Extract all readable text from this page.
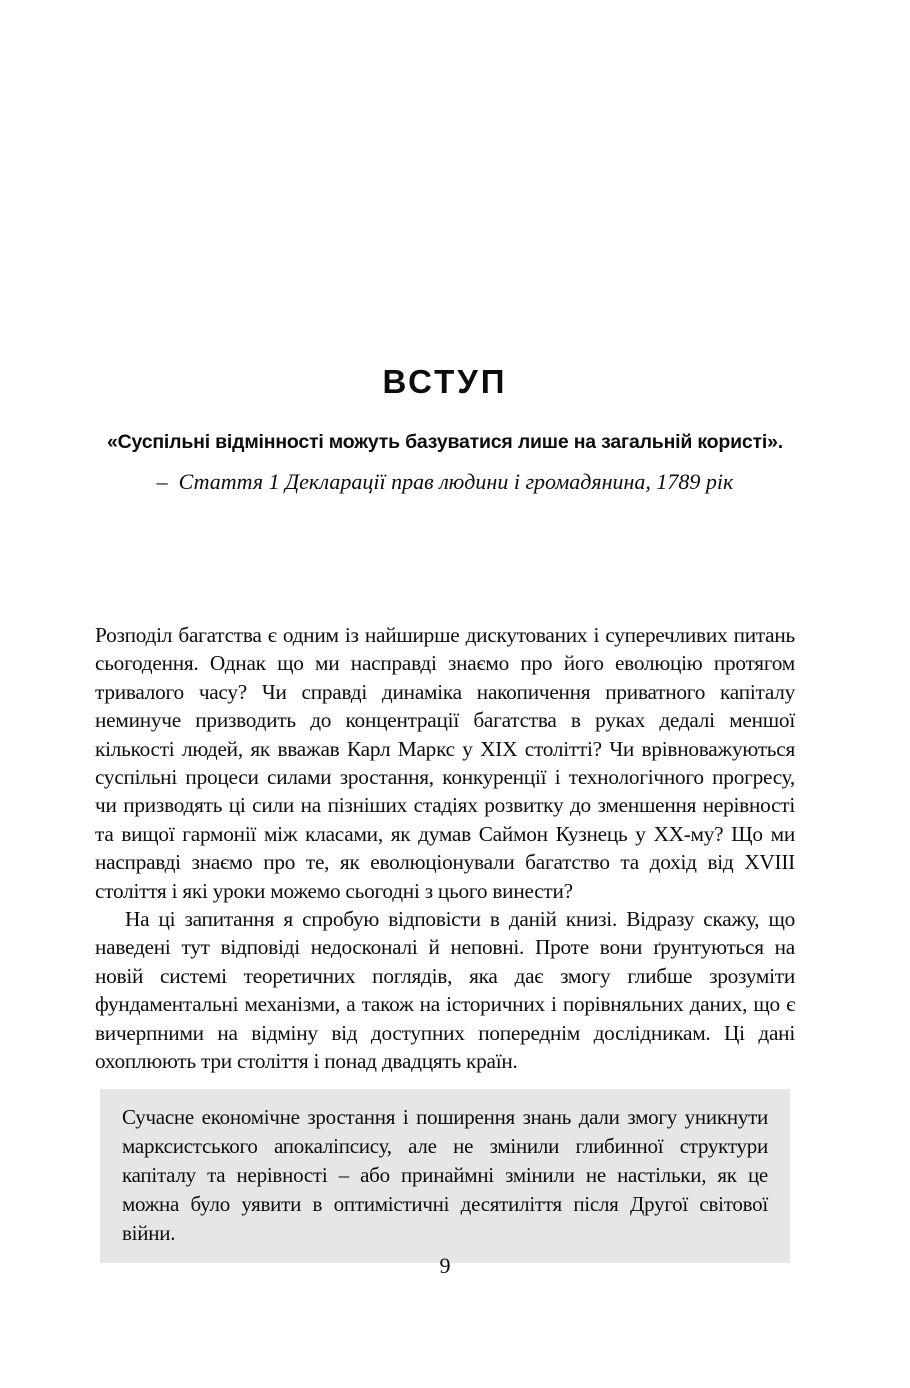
ВСТУП
«Суспільні відмінності можуть базуватися лише на загальній користі».
– Стаття 1 Декларації прав людини і громадянина, 1789 рік

Розподіл багатства є одним із найширше дискутованих і суперечливих питань сьогодення. Однак що ми насправді знаємо про його еволюцію протягом тривалого часу? Чи справді динаміка накопичення приватного капіталу неминуче призводить до концентрації багатства в руках дедалі меншої кількості людей, як вважав Карл Маркс у XIX столітті? Чи врівноважуються суспільні процеси силами зростання, конкуренції і технологічного прогресу, чи призводять ці сили на пізніших стадіях розвитку до зменшення нерівності та вищої гармонії між класами, як думав Саймон Кузнець у XX-му? Що ми насправді знаємо про те, як еволюціонували багатство та дохід від XVIII століття і які уроки можемо сьогодні з цього винести?

На ці запитання я спробую відповісти в даній книзі. Відразу скажу, що наведені тут відповіді недосконалі й неповні. Проте вони ґрунтуються на новій системі теоретичних поглядів, яка дає змогу глибше зрозуміти фундаментальні механізми, а також на історичних і порівняльних даних, що є вичерпними на відміну від доступних попереднім дослідникам. Ці дані охоплюють три століття і понад двадцять країн.

Сучасне економічне зростання і поширення знань дали змогу уникнути марксистського апокаліпсису, але не змінили глибинної структури капіталу та нерівності – або принаймні змінили не настільки, як це можна було уявити в оптимістичні десятиліття після Другої світової війни.
9
